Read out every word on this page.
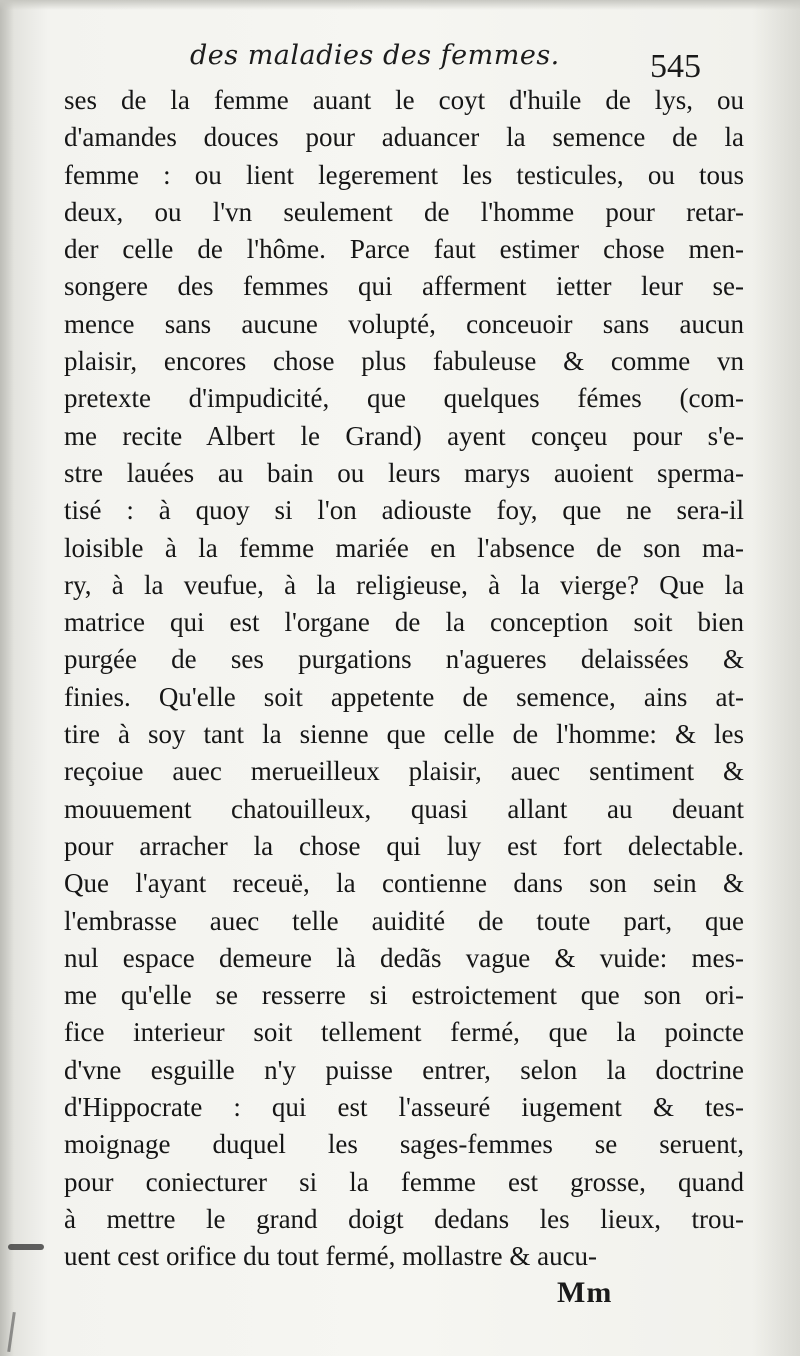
des maladies des femmes.	545
ses de la femme auant le coyt d'huile de lys, ou
d'amandes douces pour aduancer la semence de la
femme : ou lient legerement les testicules, ou tous
deux, ou l'vn seulement de l'homme pour retar-
der celle de l'hôme. Parce faut estimer chose men-
songere des femmes qui afferment ietter leur se-
mence sans aucune volupté, conceuoir sans aucun
plaisir, encores chose plus fabuleuse & comme vn
pretexte d'impudicité, que quelques fémes (com-
me recite Albert le Grand) ayent conçeu pour s'e-
stre lauées au bain ou leurs marys auoient sperma-
tisé : à quoy si l'on adiouste foy, que ne sera-il
loisible à la femme mariée en l'absence de son ma-
ry, à la veufue, à la religieuse, à la vierge? Que la
matrice qui est l'organe de la conception soit bien
purgée de ses purgations n'agueres delaissées &
finies. Qu'elle soit appetente de semence, ains at-
tire à soy tant la sienne que celle de l'homme: & les
reçoiue auec merueilleux plaisir, auec sentiment &
mouuement chatouilleux, quasi allant au deuant
pour arracher la chose qui luy est fort delectable.
Que l'ayant receuë, la contienne dans son sein &
l'embrasse auec telle auidité de toute part, que
nul espace demeure là dedãs vague & vuide: mes-
me qu'elle se resserre si estroictement que son ori-
fice interieur soit tellement fermé, que la poincte
d'vne esguille n'y puisse entrer, selon la doctrine
d'Hippocrate : qui est l'asseuré iugement & tes-
moignage duquel les sages-femmes se seruent,
pour coniecturer si la femme est grosse, quand
à mettre le grand doigt dedans les lieux, trou-
uent cest orifice du tout fermé, mollastre & aucu-
Mm
